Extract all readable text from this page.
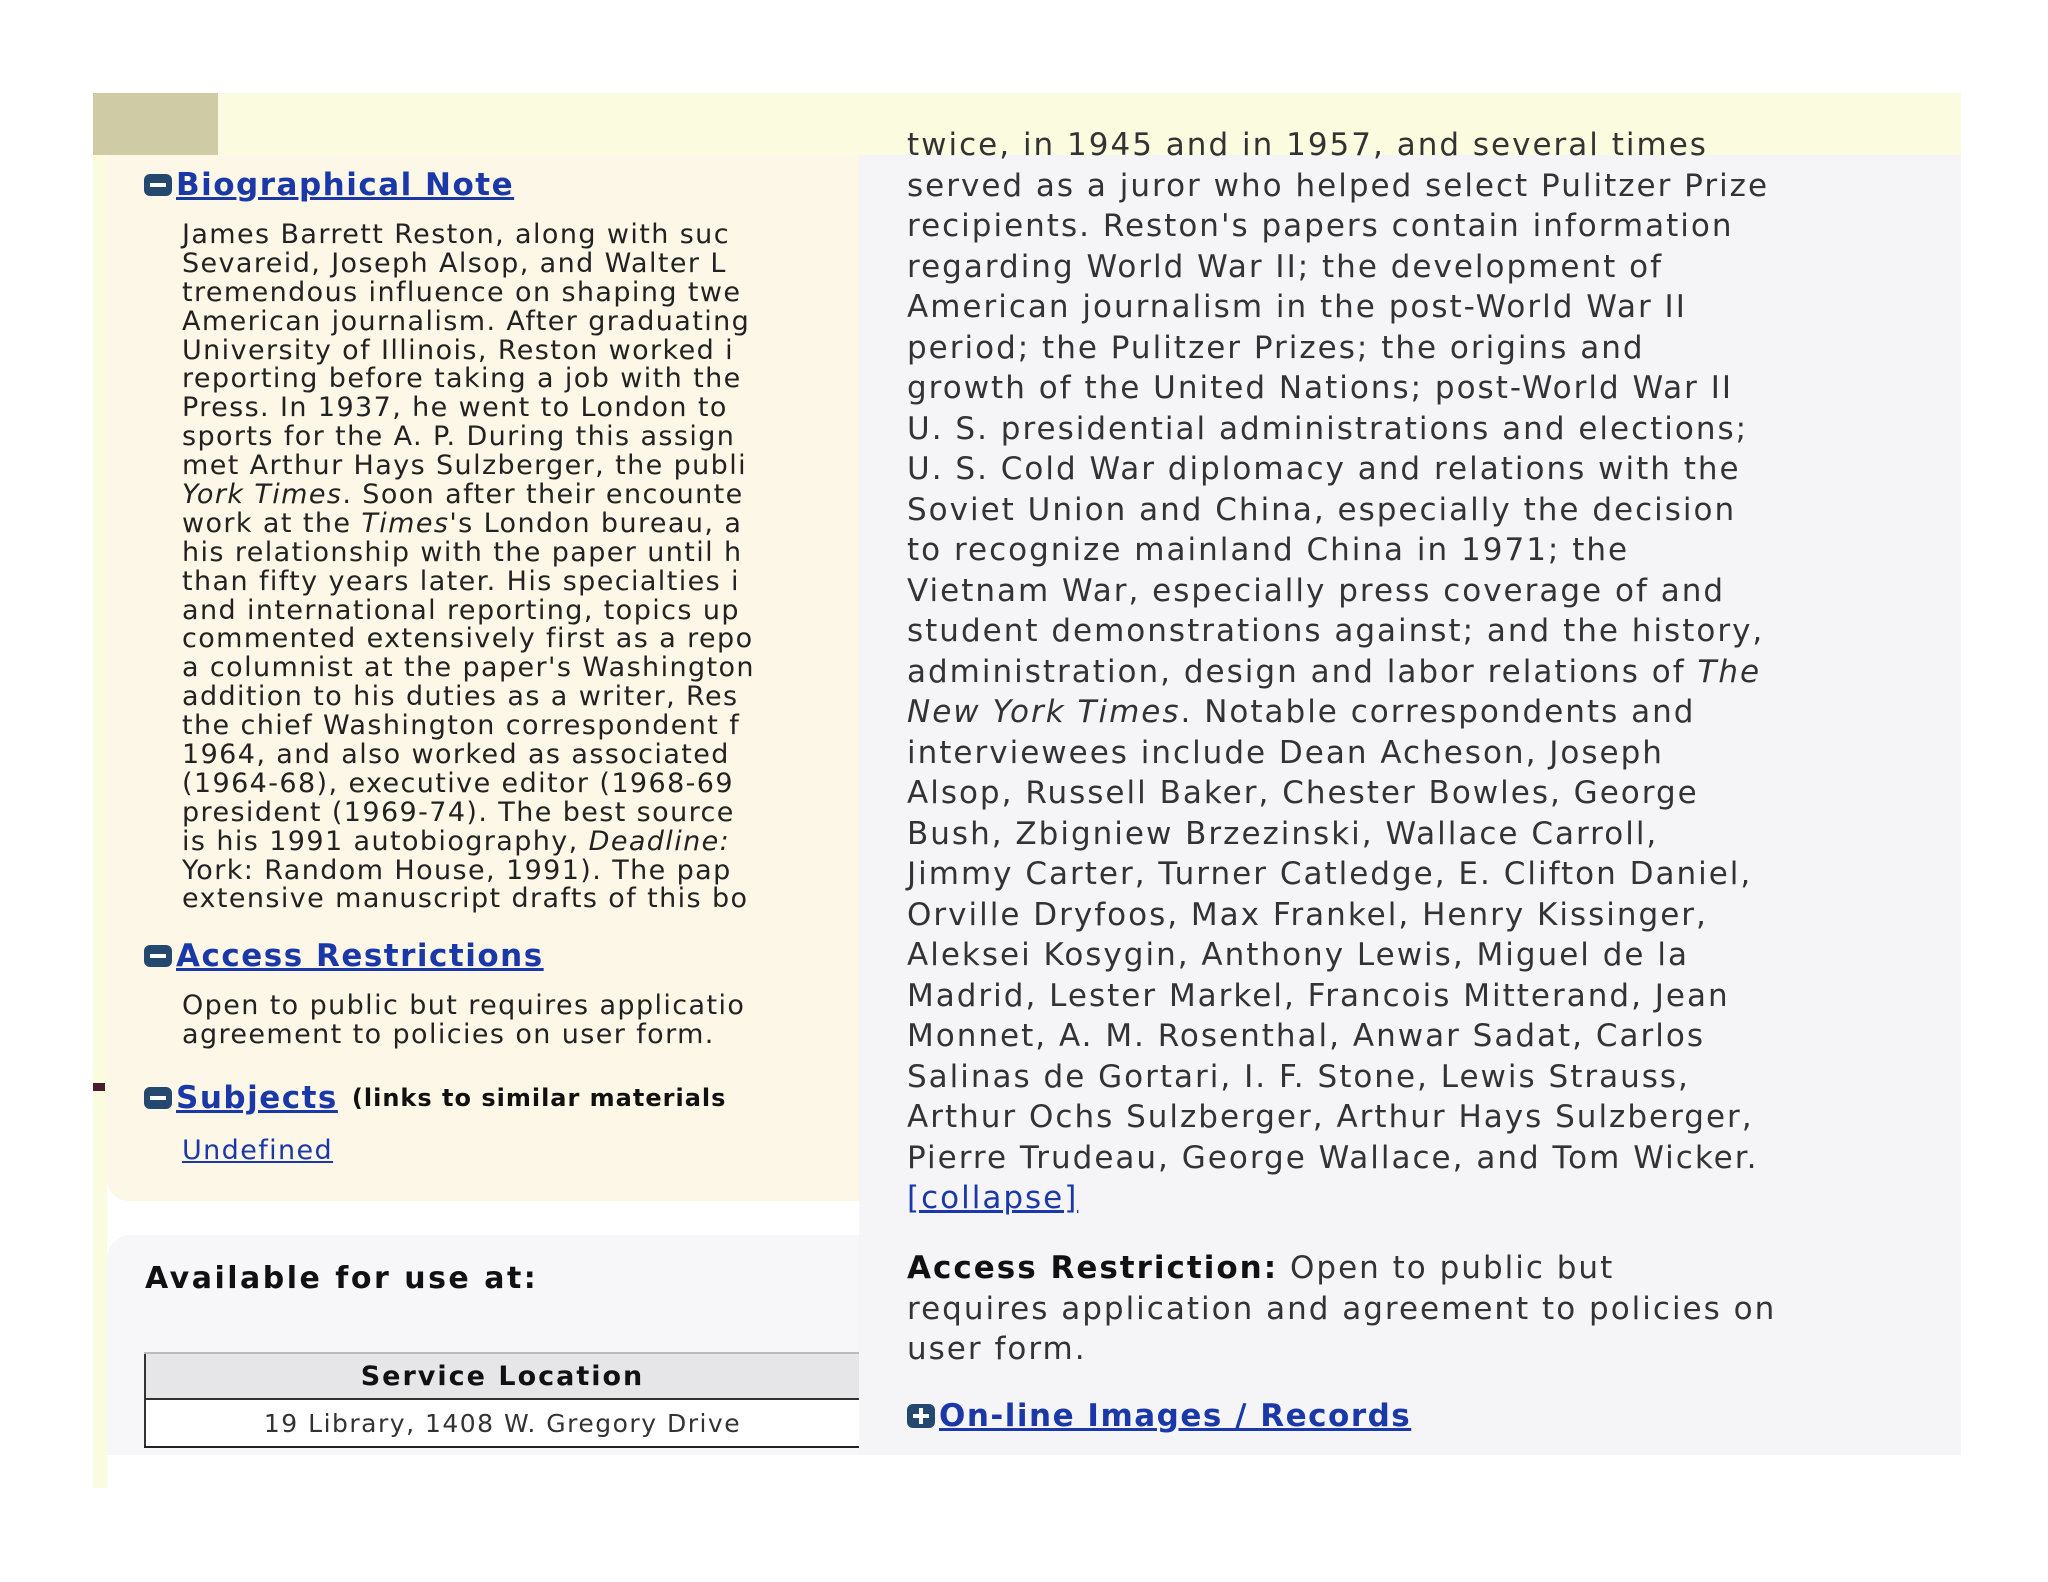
Biographical Note
James Barrett Reston, along with suc
Sevareid, Joseph Alsop, and Walter L
tremendous influence on shaping twe
American journalism. After graduating
University of Illinois, Reston worked i
reporting before taking a job with the
Press. In 1937, he went to London to
sports for the A. P. During this assign
met Arthur Hays Sulzberger, the publi
York Times. Soon after their encounte
work at the Times's London bureau, a
his relationship with the paper until h
than fifty years later. His specialties i
and international reporting, topics up
commented extensively first as a repo
a columnist at the paper's Washington
addition to his duties as a writer, Res
the chief Washington correspondent f
1964, and also worked as associated
(1964-68), executive editor (1968-69
president (1969-74). The best source
is his 1991 autobiography, Deadline:
York: Random House, 1991). The pap
extensive manuscript drafts of this bo
Access Restrictions
Open to public but requires applicatio
agreement to policies on user form.
Subjects (links to similar materials
Undefined
Available for use at:
Service Location
19 Library, 1408 W. Gregory Drive
twice, in 1945 and in 1957, and several times
served as a juror who helped select Pulitzer Prize
recipients. Reston's papers contain information
regarding World War II; the development of
American journalism in the post-World War II
period; the Pulitzer Prizes; the origins and
growth of the United Nations; post-World War II
U. S. presidential administrations and elections;
U. S. Cold War diplomacy and relations with the
Soviet Union and China, especially the decision
to recognize mainland China in 1971; the
Vietnam War, especially press coverage of and
student demonstrations against; and the history,
administration, design and labor relations of The
New York Times. Notable correspondents and
interviewees include Dean Acheson, Joseph
Alsop, Russell Baker, Chester Bowles, George
Bush, Zbigniew Brzezinski, Wallace Carroll,
Jimmy Carter, Turner Catledge, E. Clifton Daniel,
Orville Dryfoos, Max Frankel, Henry Kissinger,
Aleksei Kosygin, Anthony Lewis, Miguel de la
Madrid, Lester Markel, Francois Mitterand, Jean
Monnet, A. M. Rosenthal, Anwar Sadat, Carlos
Salinas de Gortari, I. F. Stone, Lewis Strauss,
Arthur Ochs Sulzberger, Arthur Hays Sulzberger,
Pierre Trudeau, George Wallace, and Tom Wicker.
[collapse]
Access Restriction: Open to public but
requires application and agreement to policies on
user form.
On-line Images / Records
